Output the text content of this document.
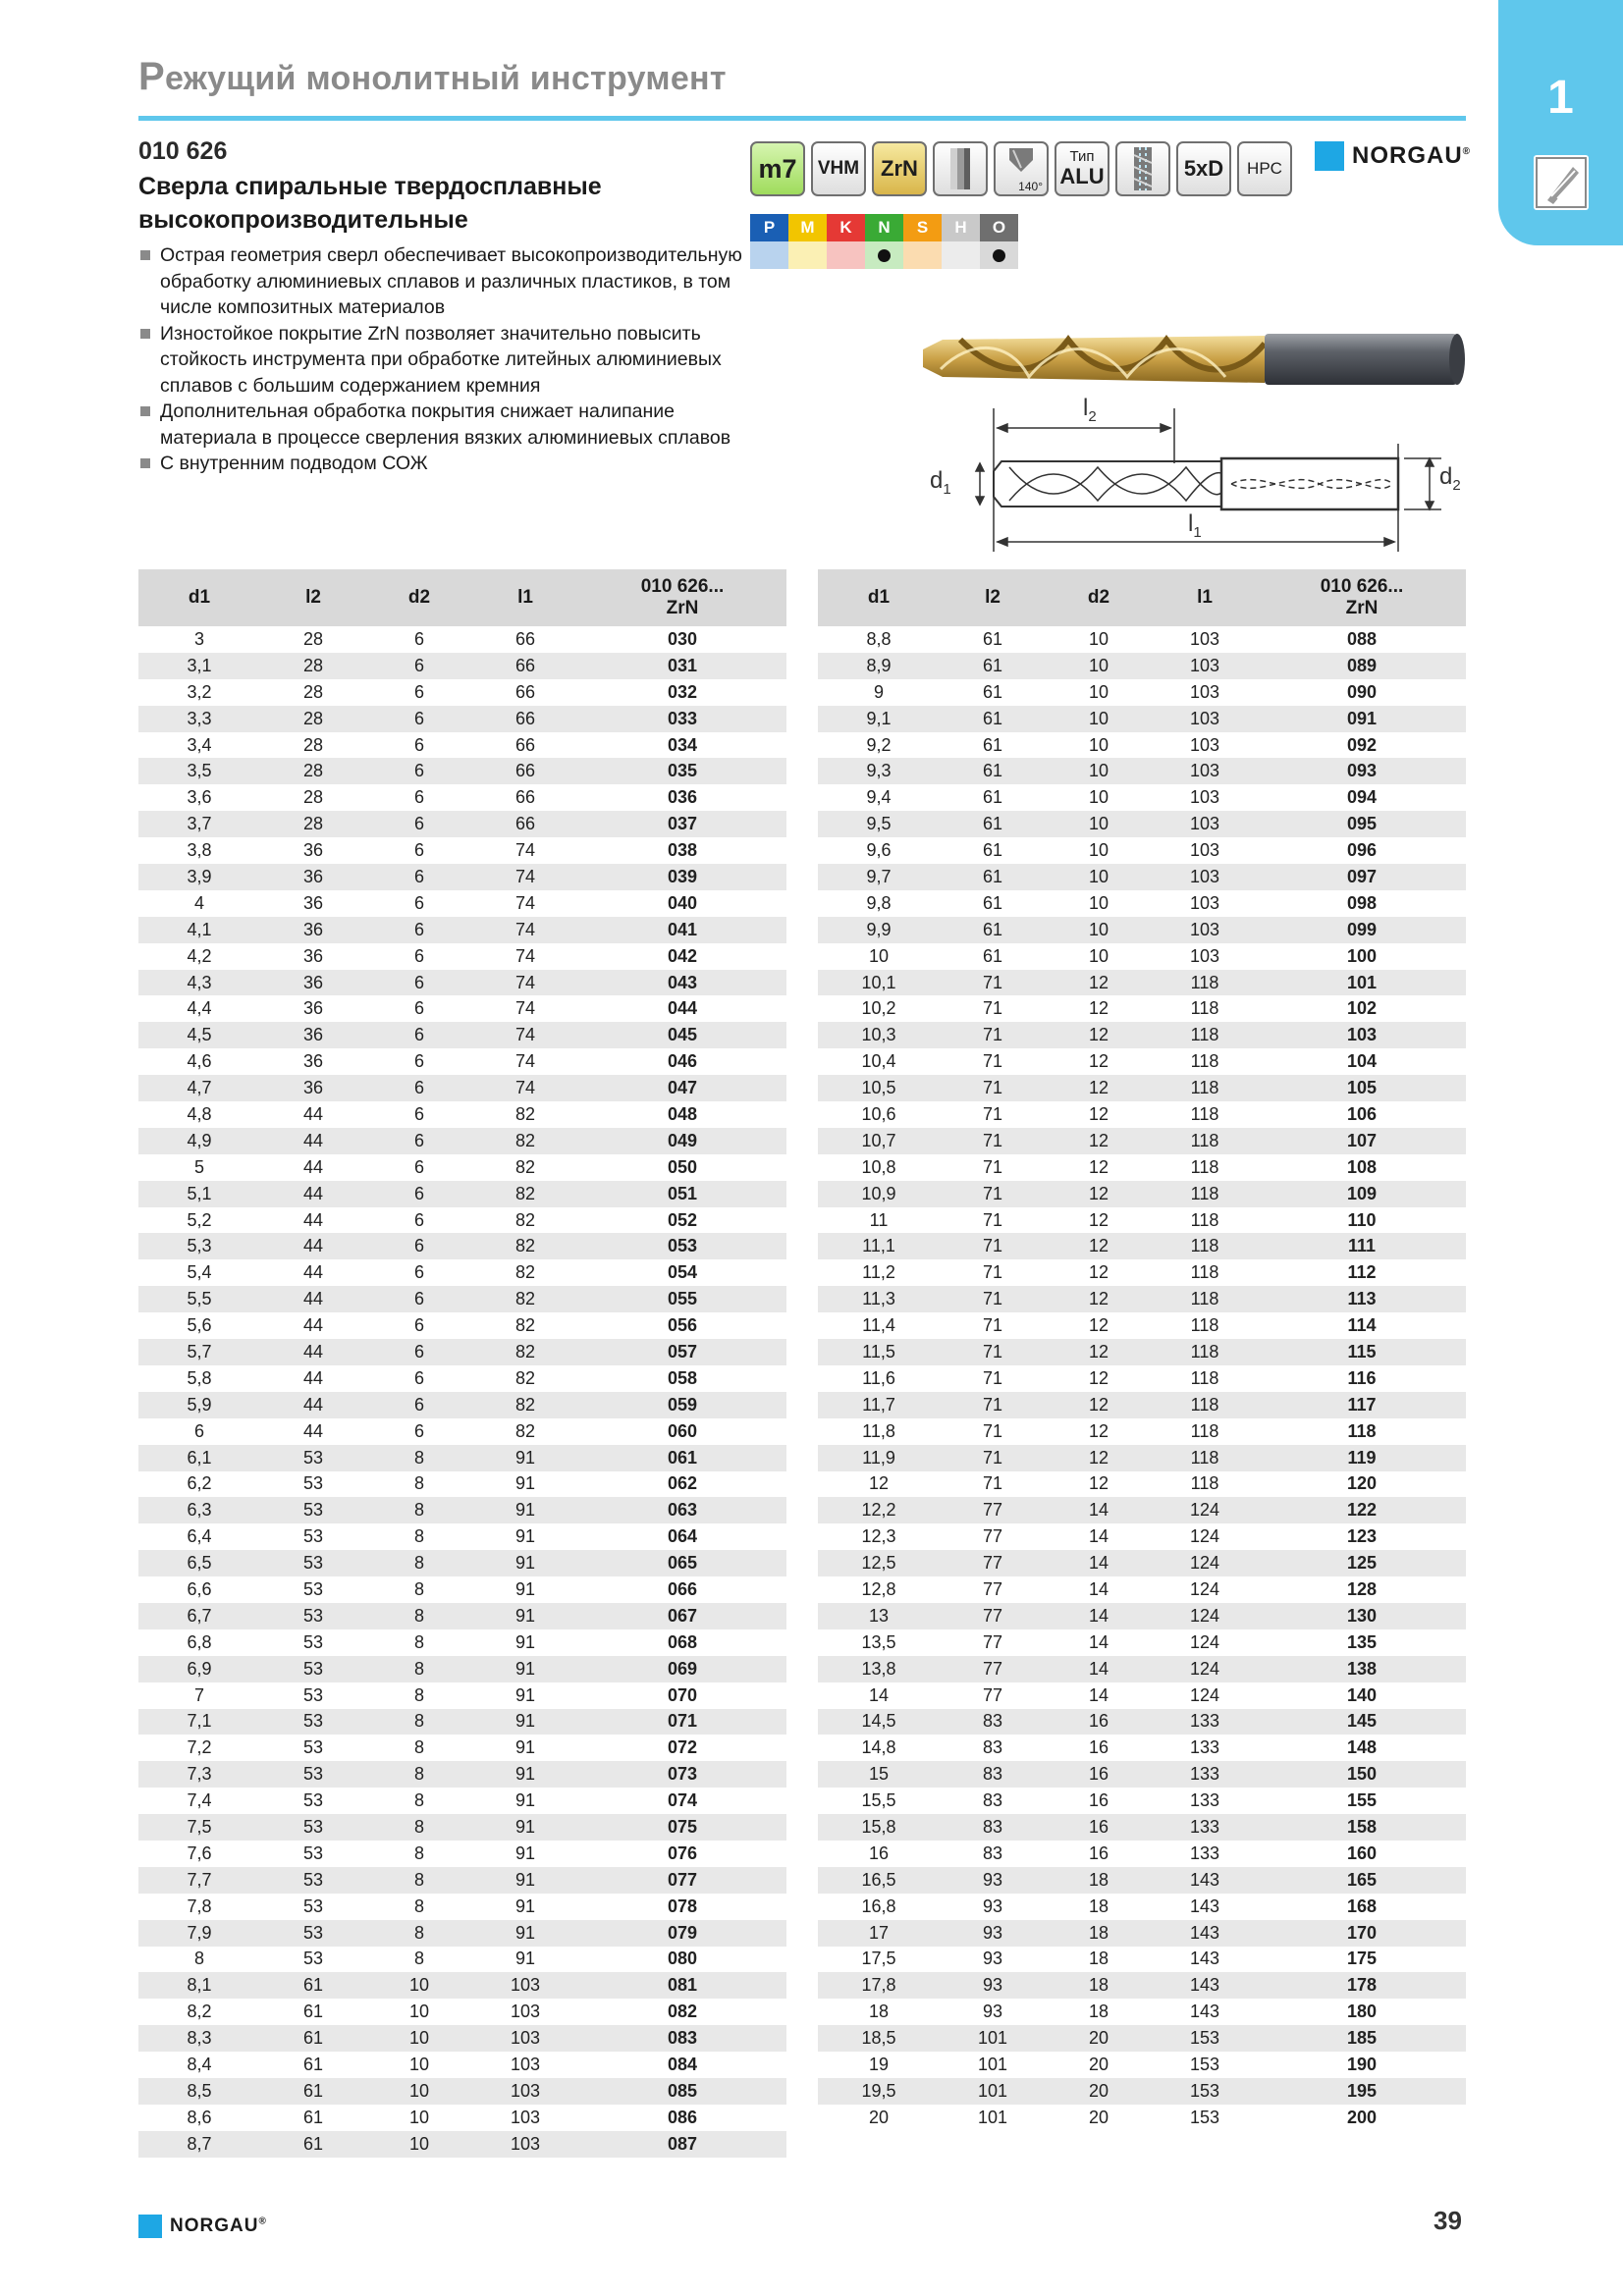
Режущий монолитный инструмент	1
010 626
Сверла спиральные твердосплавные
высокопроизводительные
Острая геометрия сверл обеспечивает высокопроизводительную обработку алюминиевых сплавов и различных пластиков, в том числе композитных материалов
Изностойкое покрытие ZrN позволяет значительно повысить стойкость инструмента при обработке литейных алюминиевых сплавов с большим содержанием кремния
Дополнительная обработка покрытия снижает налипание материала в процессе сверления вязких алюминиевых сплавов
С внутренним подводом СОЖ
m7	VHM ZrN
140°
Тип
ALU	5xD	HPC	NORGAU®
P	M	K	N	S	H	O
$l_2$
$l_1$
$d_1$	$d_2$
d1	l2	d2	l1	010 626...
ZrN

3	28	6	66	030
3,1	28	6	66	031
3,2	28	6	66	032
3,3	28	6	66	033
3,4	28	6	66	034
3,5	28	6	66	035
3,6	28	6	66	036
3,7	28	6	66	037
3,8	36	6	74	038
3,9	36	6	74	039
4	36	6	74	040
4,1	36	6	74	041
4,2	36	6	74	042
4,3	36	6	74	043
4,4	36	6	74	044
4,5	36	6	74	045
4,6	36	6	74	046
4,7	36	6	74	047
4,8	44	6	82	048
4,9	44	6	82	049
5	44	6	82	050
5,1	44	6	82	051
5,2	44	6	82	052
5,3	44	6	82	053
5,4	44	6	82	054
5,5	44	6	82	055
5,6	44	6	82	056
5,7	44	6	82	057
5,8	44	6	82	058
5,9	44	6	82	059
6	44	6	82	060
6,1	53	8	91	061
6,2	53	8	91	062
6,3	53	8	91	063
6,4	53	8	91	064
6,5	53	8	91	065
6,6	53	8	91	066
6,7	53	8	91	067
6,8	53	8	91	068
6,9	53	8	91	069
7	53	8	91	070
7,1	53	8	91	071
7,2	53	8	91	072
7,3	53	8	91	073
7,4	53	8	91	074
7,5	53	8	91	075
7,6	53	8	91	076
7,7	53	8	91	077
7,8	53	8	91	078
7,9	53	8	91	079
8	53	8	91	080
8,1	61	10	103	081
8,2	61	10	103	082
8,3	61	10	103	083
8,4	61	10	103	084
8,5	61	10	103	085
8,6	61	10	103	086
8,7	61	10	103	087
d1	l2	d2	l1	010 626...
ZrN

8,8	61	10	103	088
8,9	61	10	103	089
9	61	10	103	090
9,1	61	10	103	091
9,2	61	10	103	092
9,3	61	10	103	093
9,4	61	10	103	094
9,5	61	10	103	095
9,6	61	10	103	096
9,7	61	10	103	097
9,8	61	10	103	098
9,9	61	10	103	099
10	61	10	103	100
10,1	71	12	118	101
10,2	71	12	118	102
10,3	71	12	118	103
10,4	71	12	118	104
10,5	71	12	118	105
10,6	71	12	118	106
10,7	71	12	118	107
10,8	71	12	118	108
10,9	71	12	118	109
11	71	12	118	110
11,1	71	12	118	111
11,2	71	12	118	112
11,3	71	12	118	113
11,4	71	12	118	114
11,5	71	12	118	115
11,6	71	12	118	116
11,7	71	12	118	117
11,8	71	12	118	118
11,9	71	12	118	119
12	71	12	118	120
12,2	77	14	124	122
12,3	77	14	124	123
12,5	77	14	124	125
12,8	77	14	124	128
13	77	14	124	130
13,5	77	14	124	135
13,8	77	14	124	138
14	77	14	124	140
14,5	83	16	133	145
14,8	83	16	133	148
15	83	16	133	150
15,5	83	16	133	155
15,8	83	16	133	158
16	83	16	133	160
16,5	93	18	143	165
16,8	93	18	143	168
17	93	18	143	170
17,5	93	18	143	175
17,8	93	18	143	178
18	93	18	143	180
18,5	101	20	153	185
19	101	20	153	190
19,5	101	20	153	195
20	101	20	153	200
NORGAU®	39
